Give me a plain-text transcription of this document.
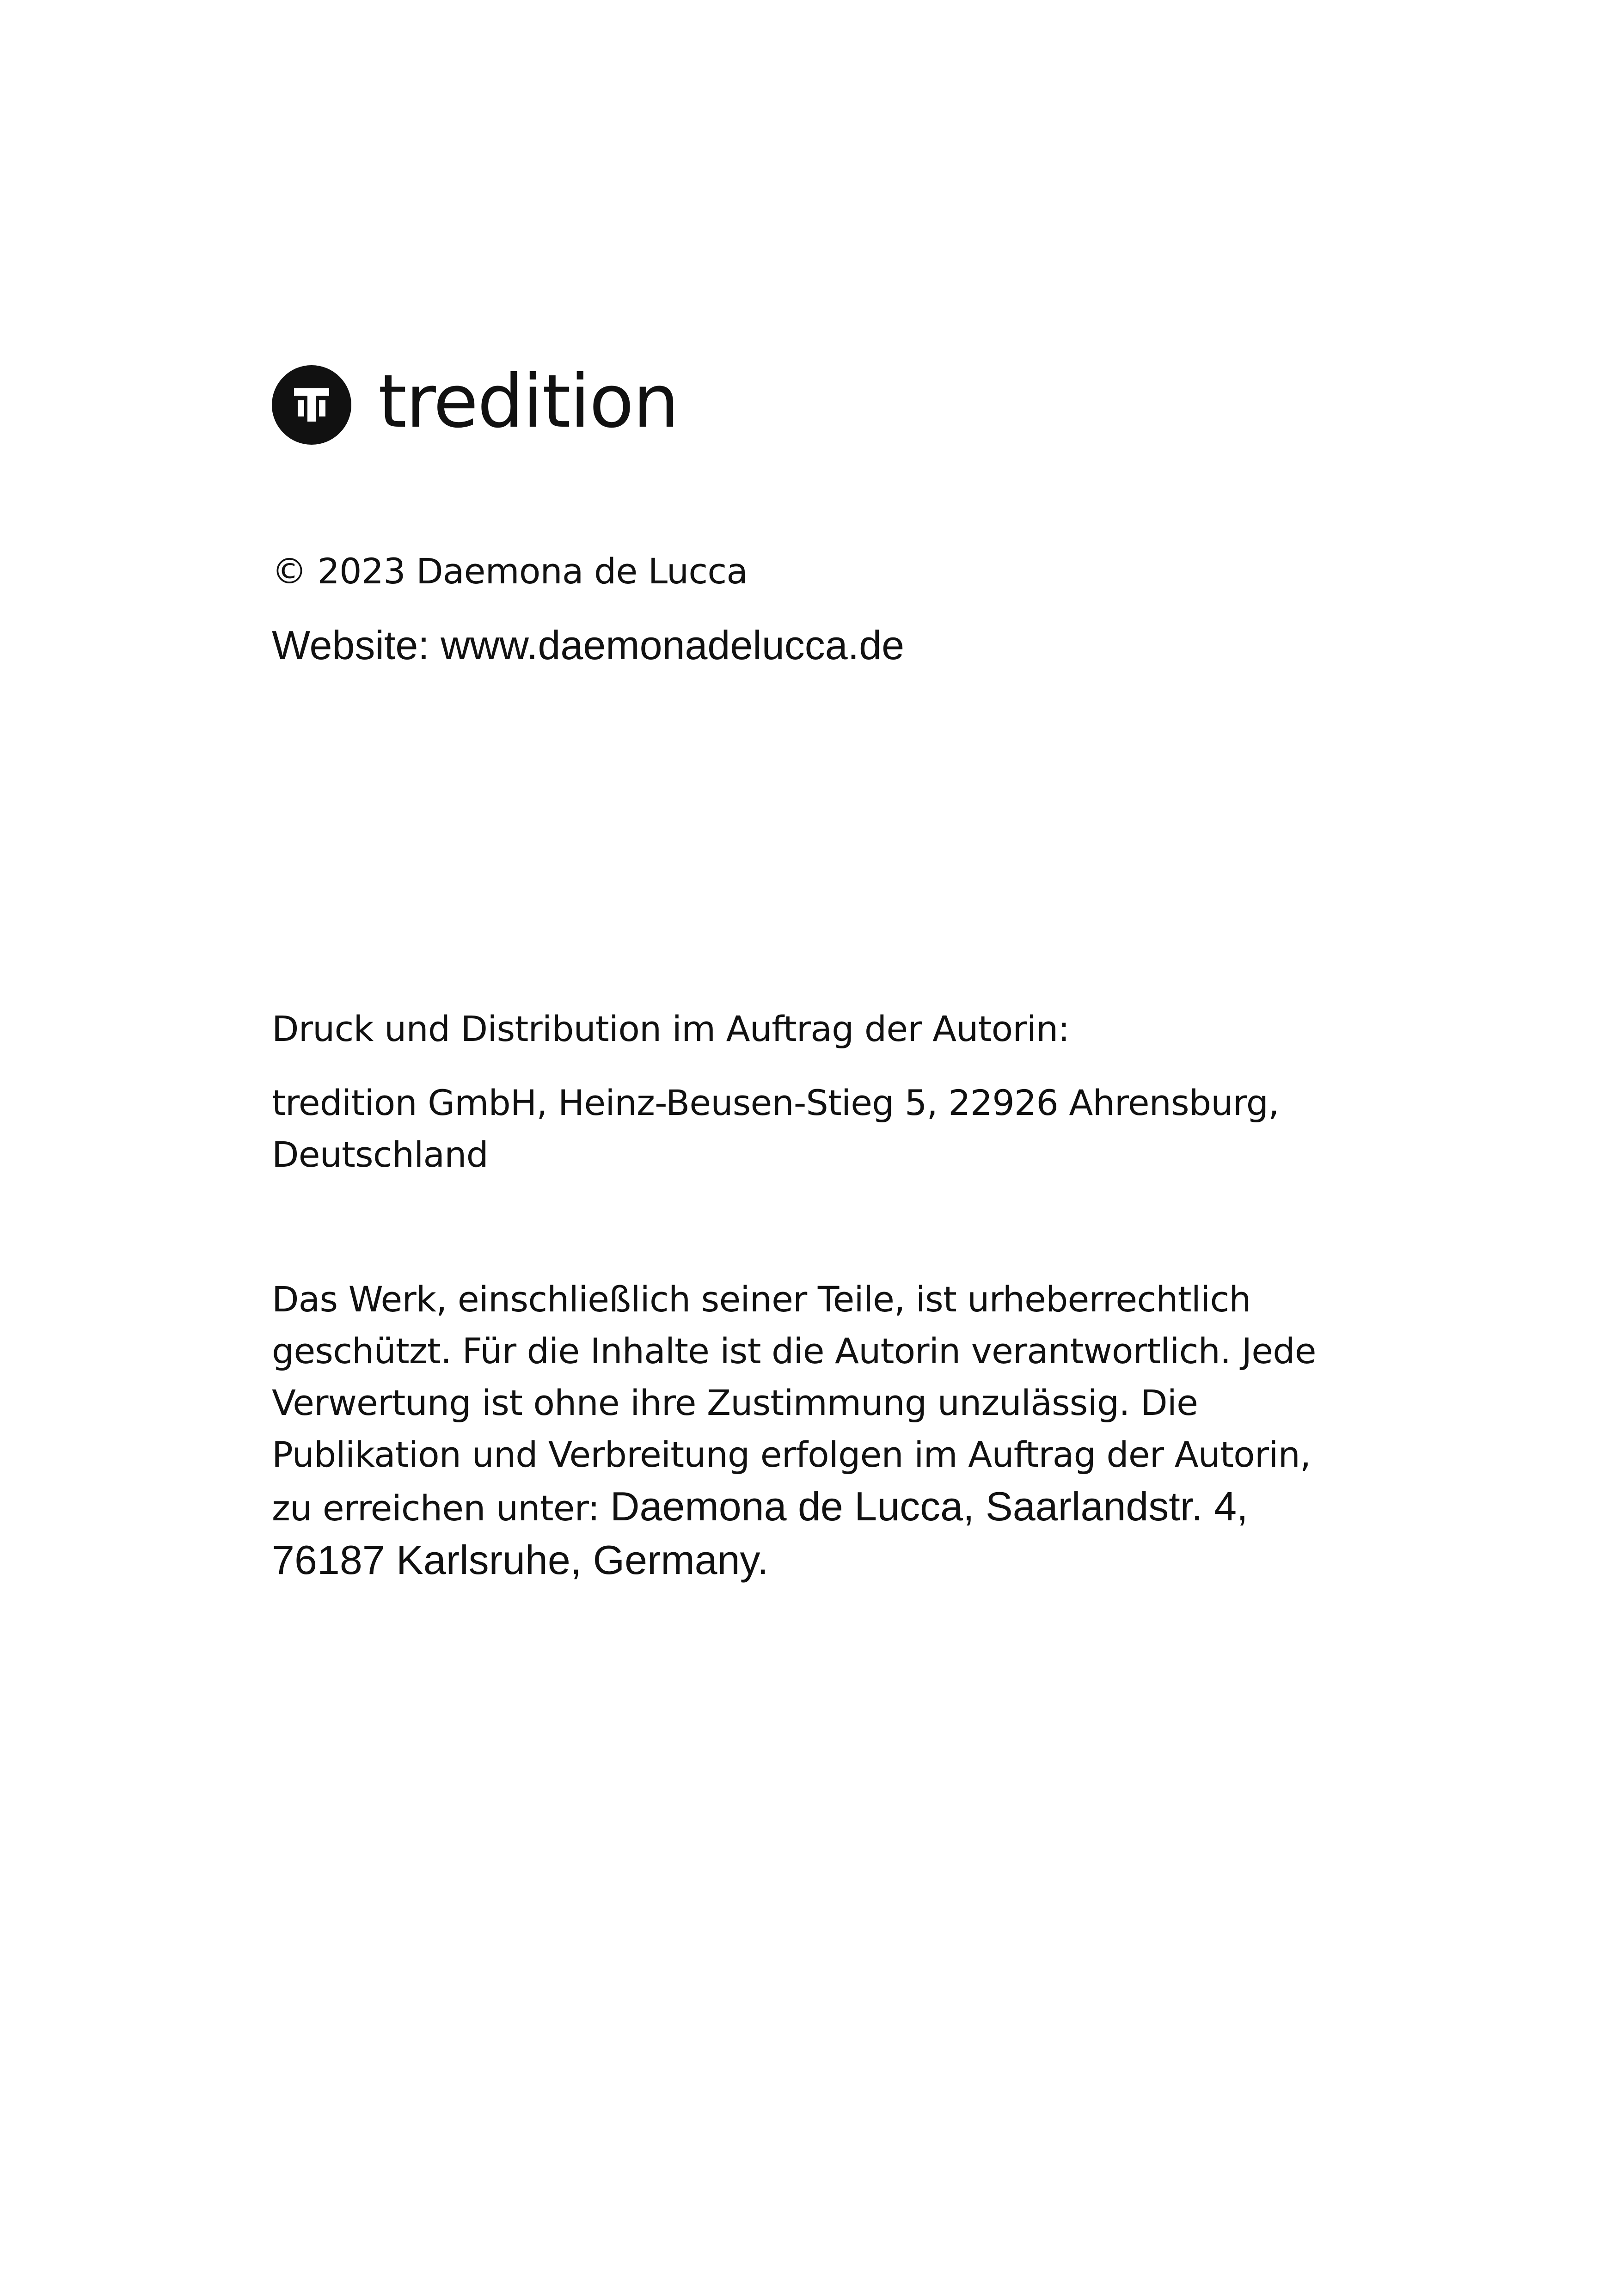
tredition
© 2023 Daemona de Lucca
Website: www.daemonadelucca.de
Druck und Distribution im Auftrag der Autorin:
tredition GmbH, Heinz-Beusen-Stieg 5, 22926 Ahrensburg,
Deutschland
Das Werk, einschließlich seiner Teile, ist urheberrechtlich
geschützt. Für die Inhalte ist die Autorin verantwortlich. Jede
Verwertung ist ohne ihre Zustimmung unzulässig. Die
Publikation und Verbreitung erfolgen im Auftrag der Autorin,
zu erreichen unter: Daemona de Lucca, Saarlandstr. 4,
76187 Karlsruhe, Germany.
